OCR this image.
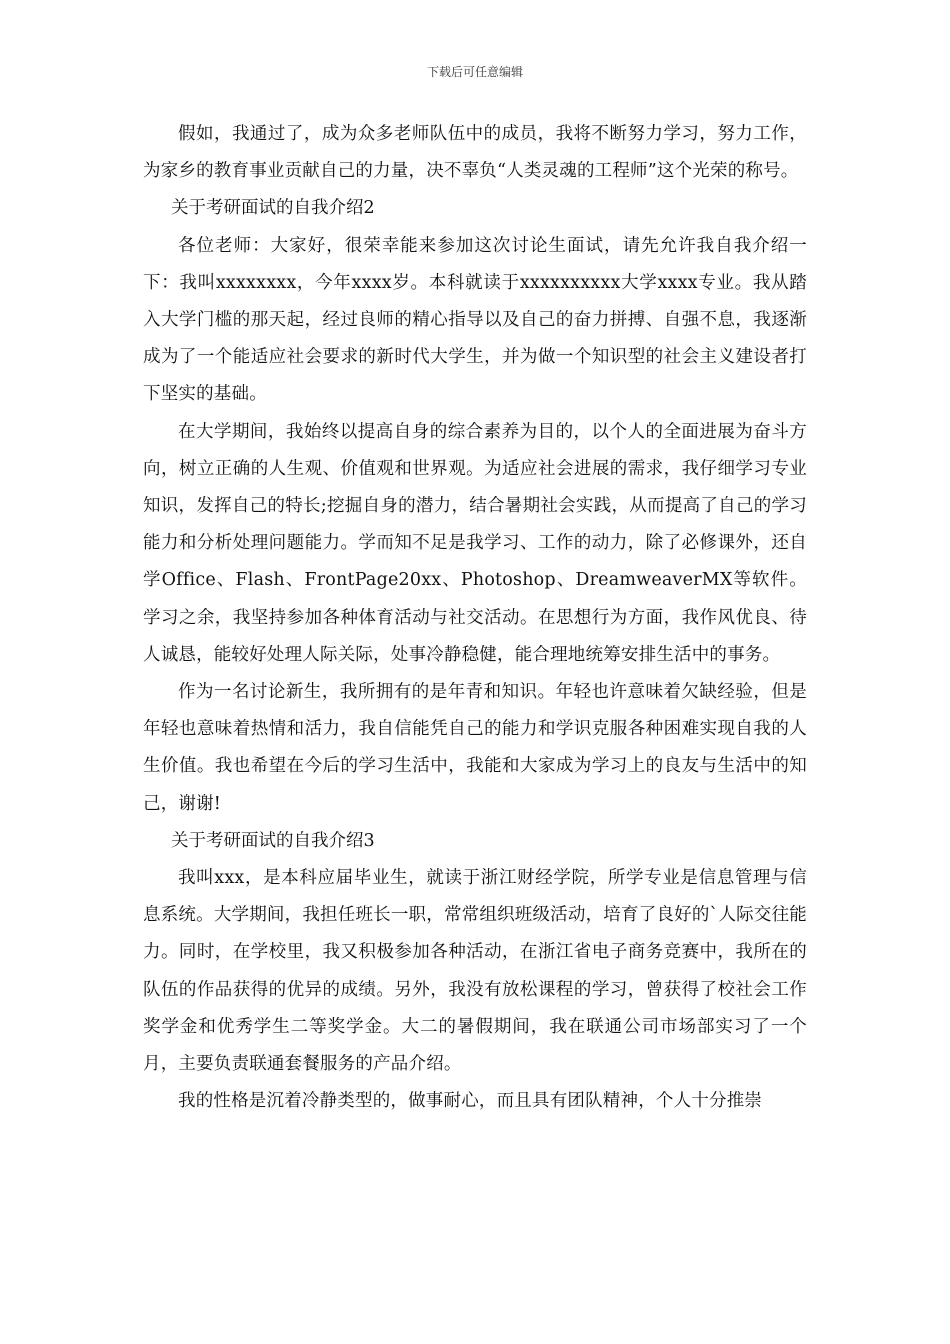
下载后可任意编辑

假如，我通过了，成为众多老师队伍中的成员，我将不断努力学习，努力工作，为家乡的教育事业贡献自己的力量，决不辜负“人类灵魂的工程师”这个光荣的称号。

关于考研面试的自我介绍2

各位老师：大家好，很荣幸能来参加这次讨论生面试，请先允许我自我介绍一下：我叫xxxxxxxx，今年xxxx岁。本科就读于xxxxxxxxxx大学xxxx专业。我从踏入大学门槛的那天起，经过良师的精心指导以及自己的奋力拼搏、自强不息，我逐渐成为了一个能适应社会要求的新时代大学生，并为做一个知识型的社会主义建设者打下坚实的基础。

在大学期间，我始终以提高自身的综合素养为目的，以个人的全面进展为奋斗方向，树立正确的人生观、价值观和世界观。为适应社会进展的需求，我仔细学习专业知识，发挥自己的特长;挖掘自身的潜力，结合暑期社会实践，从而提高了自己的学习能力和分析处理问题能力。学而知不足是我学习、工作的动力，除了必修课外，还自学Office、Flash、FrontPage20xx、Photoshop、DreamweaverMX等软件。学习之余，我坚持参加各种体育活动与社交活动。在思想行为方面，我作风优良、待人诚恳，能较好处理人际关际，处事冷静稳健，能合理地统筹安排生活中的事务。

作为一名讨论新生，我所拥有的是年青和知识。年轻也许意味着欠缺经验，但是年轻也意味着热情和活力，我自信能凭自己的能力和学识克服各种困难实现自我的人生价值。我也希望在今后的学习生活中，我能和大家成为学习上的良友与生活中的知己，谢谢!

关于考研面试的自我介绍3

我叫xxx，是本科应届毕业生，就读于浙江财经学院，所学专业是信息管理与信息系统。大学期间，我担任班长一职，常常组织班级活动，培育了良好的`人际交往能力。同时，在学校里，我又积极参加各种活动，在浙江省电子商务竞赛中，我所在的队伍的作品获得的优异的成绩。另外，我没有放松课程的学习，曾获得了校社会工作奖学金和优秀学生二等奖学金。大二的暑假期间，我在联通公司市场部实习了一个月，主要负责联通套餐服务的产品介绍。

我的性格是沉着冷静类型的，做事耐心，而且具有团队精神，个人十分推崇
